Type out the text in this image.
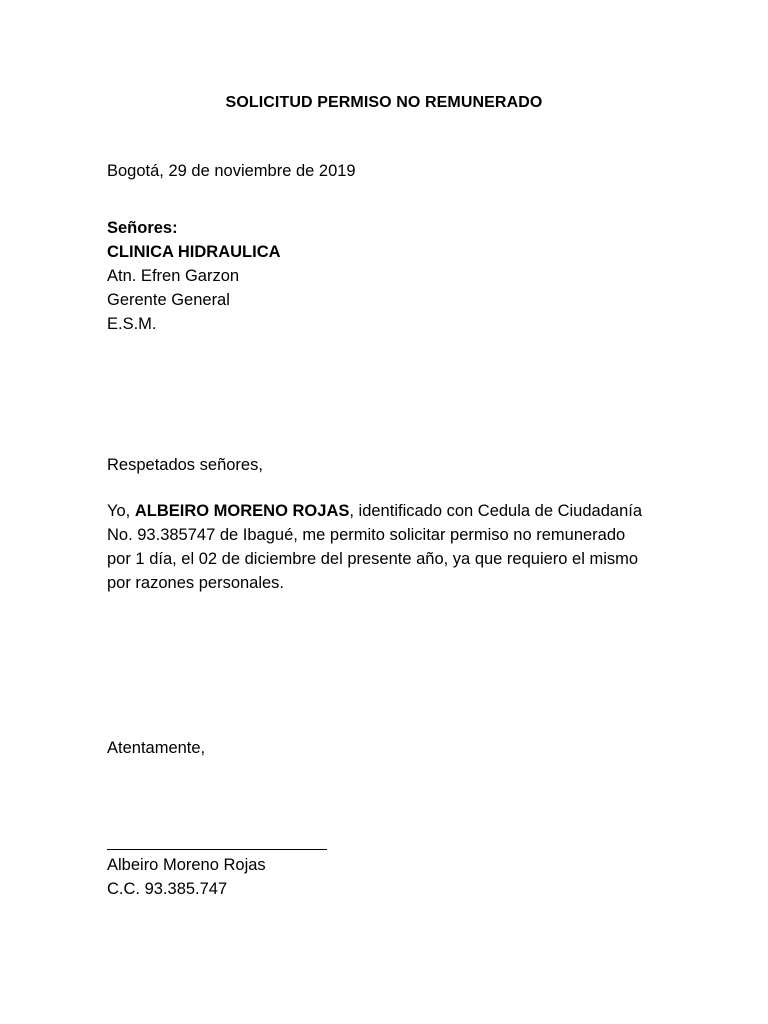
SOLICITUD PERMISO NO REMUNERADO
Bogotá, 29 de noviembre de 2019
Señores:
CLINICA HIDRAULICA
Atn. Efren Garzon
Gerente General
E.S.M.
Respetados señores,
Yo, ALBEIRO MORENO ROJAS, identificado con Cedula de Ciudadanía
No. 93.385747 de Ibagué, me permito solicitar permiso no remunerado
por 1 día, el 02 de diciembre del presente año, ya que requiero el mismo
por razones personales.
Atentamente,
Albeiro Moreno Rojas
C.C. 93.385.747
